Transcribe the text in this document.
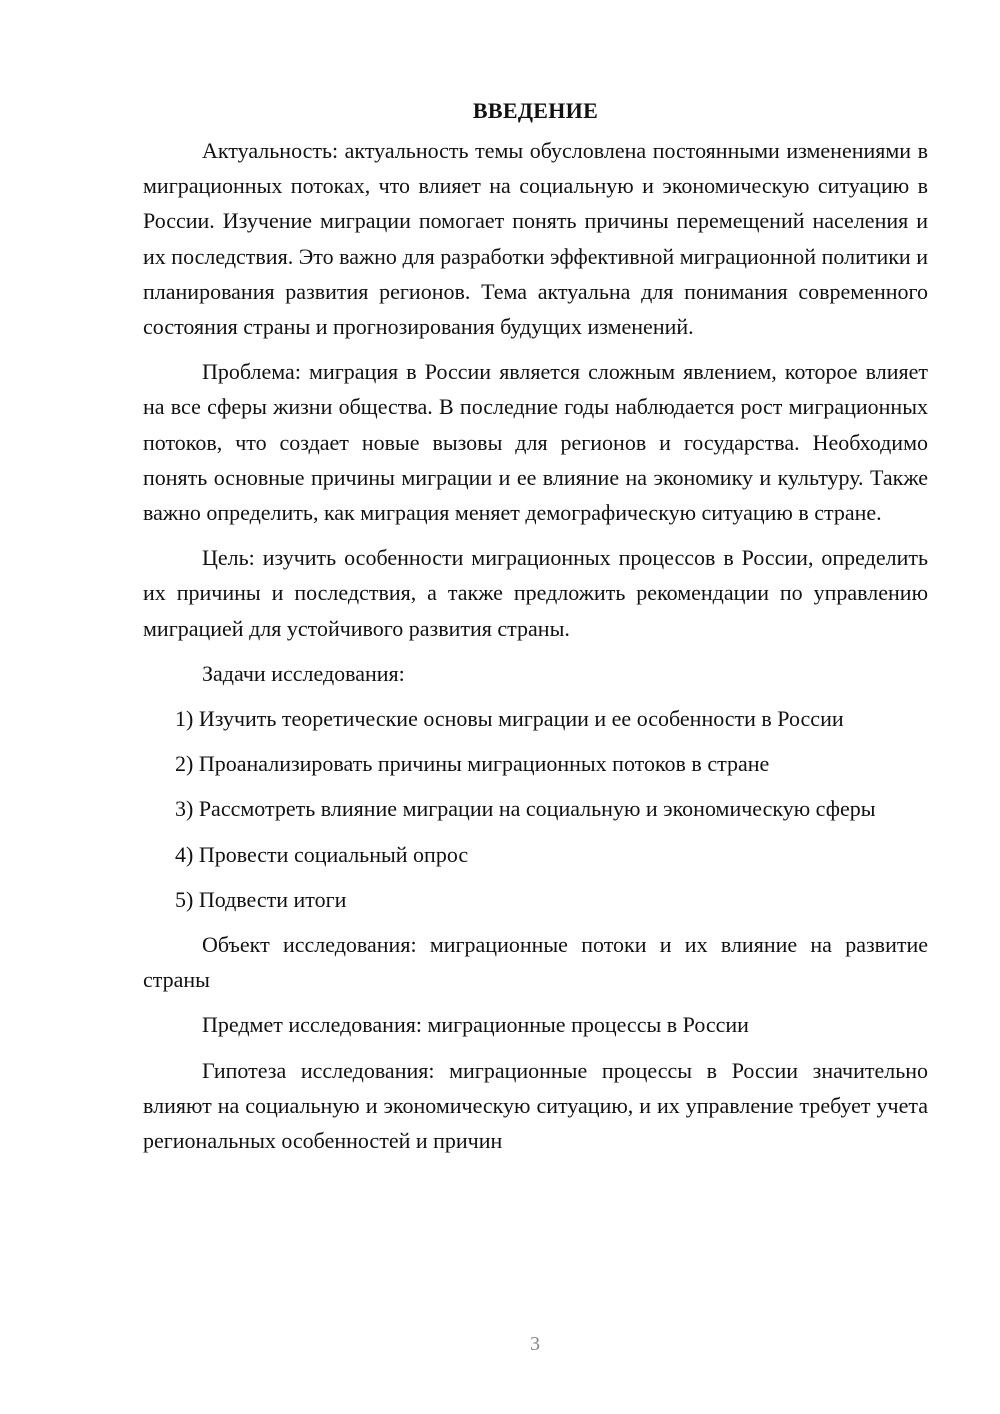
ВВЕДЕНИЕ

Актуальность: актуальность темы обусловлена постоянными изменениями в миграционных потоках, что влияет на социальную и экономическую ситуацию в России. Изучение миграции помогает понять причины перемещений населения и их последствия. Это важно для разработки эффективной миграционной политики и планирования развития регионов. Тема актуальна для понимания современного состояния страны и прогнозирования будущих изменений.

Проблема: миграция в России является сложным явлением, которое влияет на все сферы жизни общества. В последние годы наблюдается рост миграционных потоков, что создает новые вызовы для регионов и государства. Необходимо понять основные причины миграции и ее влияние на экономику и культуру. Также важно определить, как миграция меняет демографическую ситуацию в стране.

Цель: изучить особенности миграционных процессов в России, определить их причины и последствия, а также предложить рекомендации по управлению миграцией для устойчивого развития страны.

Задачи исследования:

1) Изучить теоретические основы миграции и ее особенности в России

2) Проанализировать причины миграционных потоков в стране

3) Рассмотреть влияние миграции на социальную и экономическую сферы

4) Провести социальный опрос

5) Подвести итоги

Объект исследования: миграционные потоки и их влияние на развитие страны

Предмет исследования: миграционные процессы в России

Гипотеза исследования: миграционные процессы в России значительно влияют на социальную и экономическую ситуацию, и их управление требует учета региональных особенностей и причин

3
